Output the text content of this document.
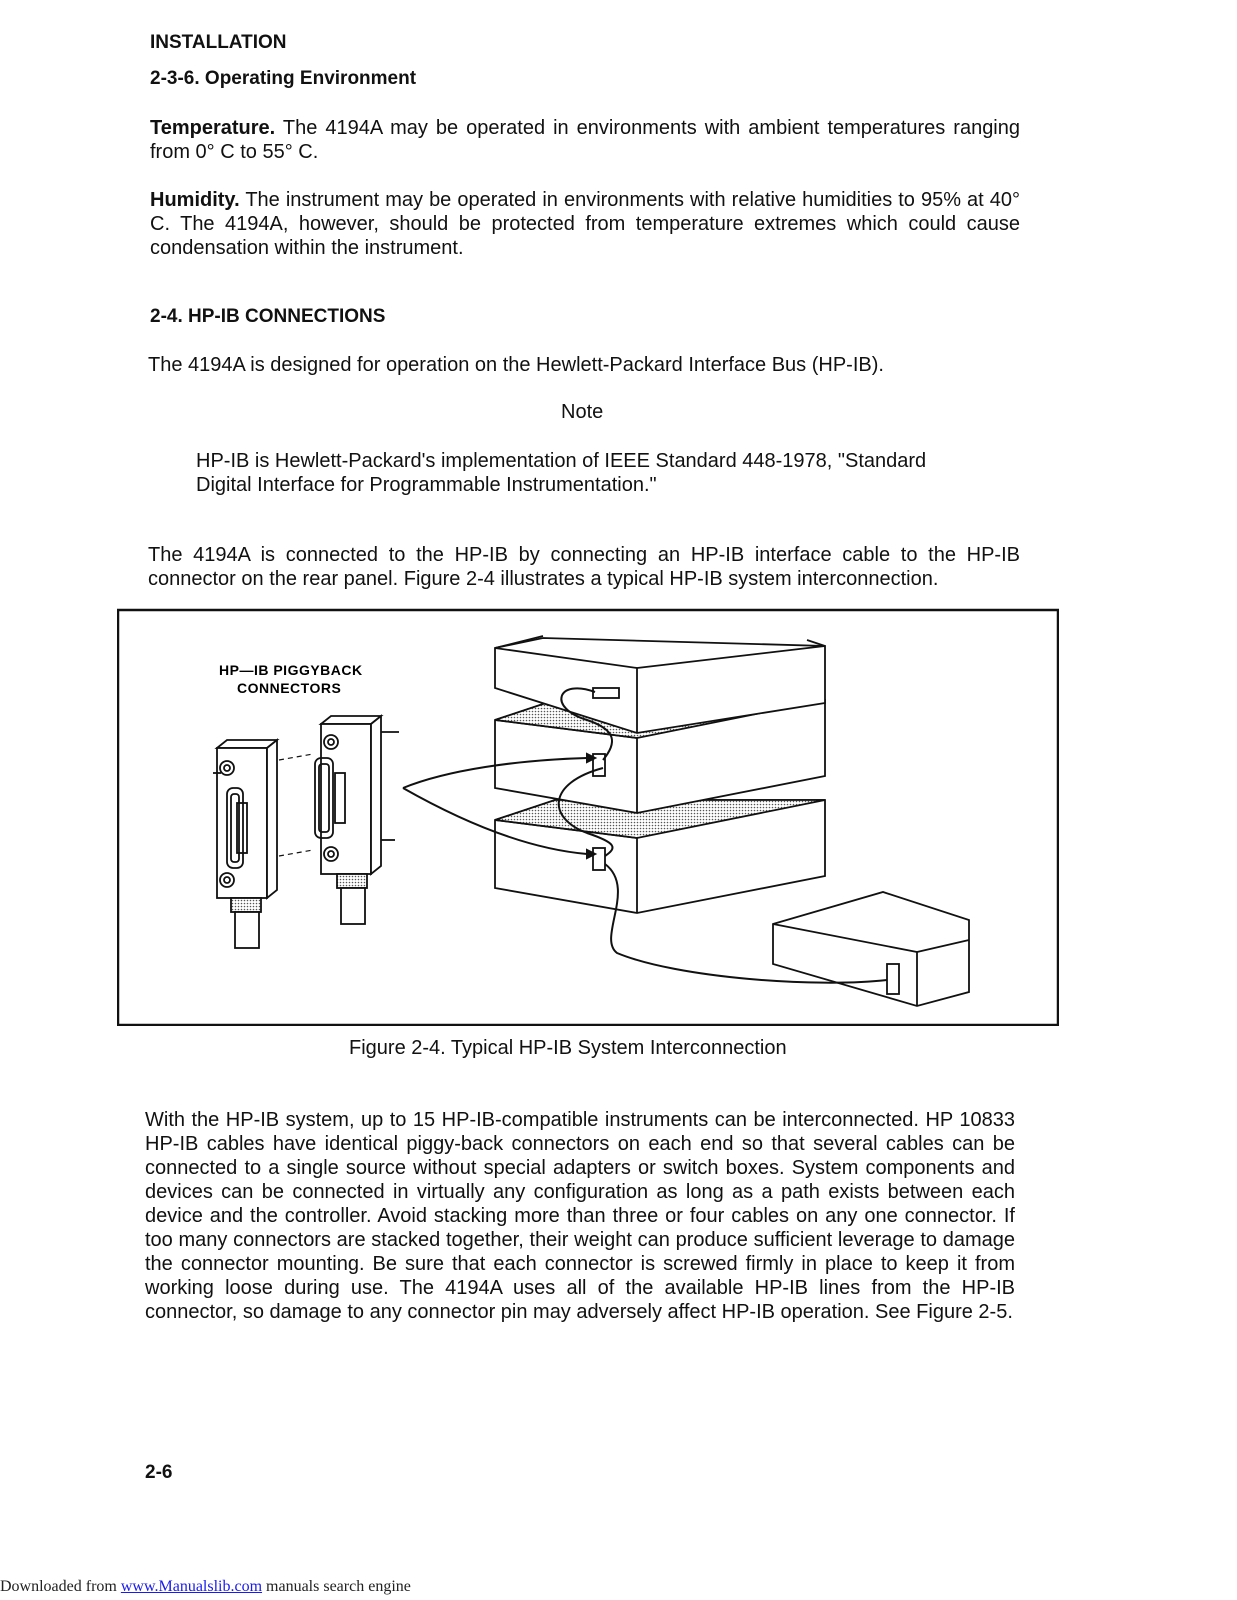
INSTALLATION
2-3-6. Operating Environment
Temperature. The 4194A may be operated in environments with ambient temperatures ranging from 0° C to 55° C.
Humidity. The instrument may be operated in environments with relative humidities to 95% at 40° C. The 4194A, however, should be protected from temperature extremes which could cause condensation within the instrument.
2-4. HP-IB CONNECTIONS
The 4194A is designed for operation on the Hewlett-Packard Interface Bus (HP-IB).
Note
HP-IB is Hewlett-Packard's implementation of IEEE Standard 448-1978, "Standard Digital Interface for Programmable Instrumentation."
The 4194A is connected to the HP-IB by connecting an HP-IB interface cable to the HP-IB connector on the rear panel. Figure 2-4 illustrates a typical HP-IB system interconnection.
HP—IB PIGGYBACK
CONNECTORS
Figure 2-4. Typical HP-IB System Interconnection
With the HP-IB system, up to 15 HP-IB-compatible instruments can be interconnected. HP 10833 HP-IB cables have identical piggy-back connectors on each end so that several cables can be connected to a single source without special adapters or switch boxes. System components and devices can be connected in virtually any configuration as long as a path exists between each device and the controller. Avoid stacking more than three or four cables on any one connector. If too many connectors are stacked together, their weight can produce sufficient leverage to damage the connector mounting. Be sure that each connector is screwed firmly in place to keep it from working loose during use. The 4194A uses all of the available HP-IB lines from the HP-IB connector, so damage to any connector pin may adversely affect HP-IB operation. See Figure 2-5.
2-6
Downloaded from www.Manualslib.com manuals search engine
